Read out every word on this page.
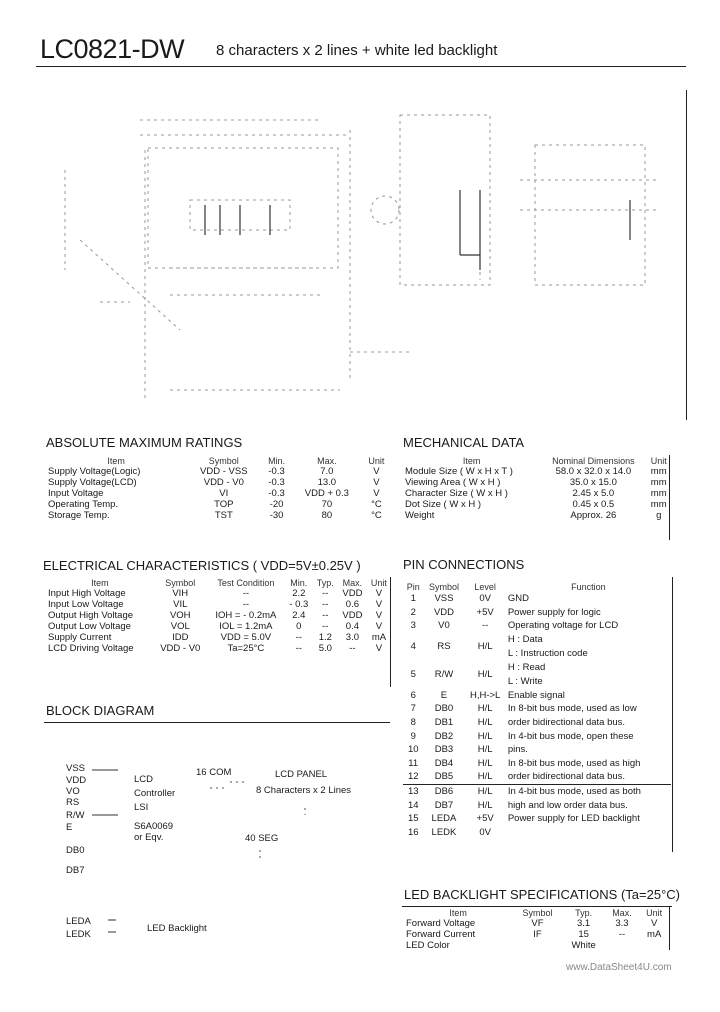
LC0821-DW 8 characters x 2 lines + white led backlight
ABSOLUTE MAXIMUM RATINGS
Item	Symbol	Min.	Max.	Unit
Supply Voltage(Logic)	VDD - VSS	-0.3	7.0	V
Supply Voltage(LCD)	VDD - V0	-0.3	13.0	V
Input Voltage	VI	-0.3	VDD + 0.3	V
Operating Temp.	TOP	-20	70	°C
Storage Temp.	TST	-30	80	°C
MECHANICAL DATA
Item	Nominal Dimensions	Unit
Module Size ( W x H x T )	58.0 x 32.0 x 14.0	mm
Viewing Area ( W x H )	35.0 x 15.0	mm
Character Size ( W x H )	2.45 x 5.0	mm
Dot Size ( W x H )	0.45 x 0.5	mm
Weight	Approx. 26	g
ELECTRICAL CHARACTERISTICS ( VDD=5V±0.25V )
Item	Symbol	Test Condition	Min.	Typ.	Max.	Unit
Input High Voltage	VIH	--	2.2	--	VDD	V
Input Low Voltage	VIL	--	- 0.3	--	0.6	V
Output High Voltage	VOH	IOH = - 0.2mA	2.4	--	VDD	V
Output Low Voltage	VOL	IOL = 1.2mA	0	--	0.4	V
Supply Current	IDD	VDD = 5.0V	--	1.2	3.0	mA
LCD Driving Voltage	VDD - V0	Ta=25°C	--	5.0	--	V
PIN CONNECTIONS
Pin	Symbol	Level	Function
1	VSS	0V	GND
2	VDD	+5V	Power supply for logic
3	V0	--	Operating voltage for LCD
4	RS	H/L	H : Data
L : Instruction code
5	R/W	H/L	H : Read
L : Write
6	E	H,H->L	Enable signal
7	DB0	H/L	In 8-bit bus mode, used as low
8	DB1	H/L	order bidirectional data bus.
9	DB2	H/L	In 4-bit bus mode, open these
10	DB3	H/L	pins.
11	DB4	H/L	In 8-bit bus mode, used as high
12	DB5	H/L	order bidirectional data bus.
13	DB6	H/L	In 4-bit bus mode, used as both
14	DB7	H/L	high and low order data bus.
15	LEDA	+5V	Power supply for LED backlight
16	LEDK	0V	
BLOCK DIAGRAM
VSS
VDD
VO
RS
R/W
E
DB0
DB7
LCD
Controller
LSI
S6A0069
or Eqv.
16 COM
40 SEG
LCD PANEL
8 Characters x 2 Lines
LEDA
LEDK
LED Backlight
LED BACKLIGHT SPECIFICATIONS (Ta=25°C)
Item	Symbol	Typ.	Max.	Unit
Forward Voltage	VF	3.1	3.3	V
Forward Current	IF	15	--	mA
LED Color		White		
www.DataSheet4U.com
